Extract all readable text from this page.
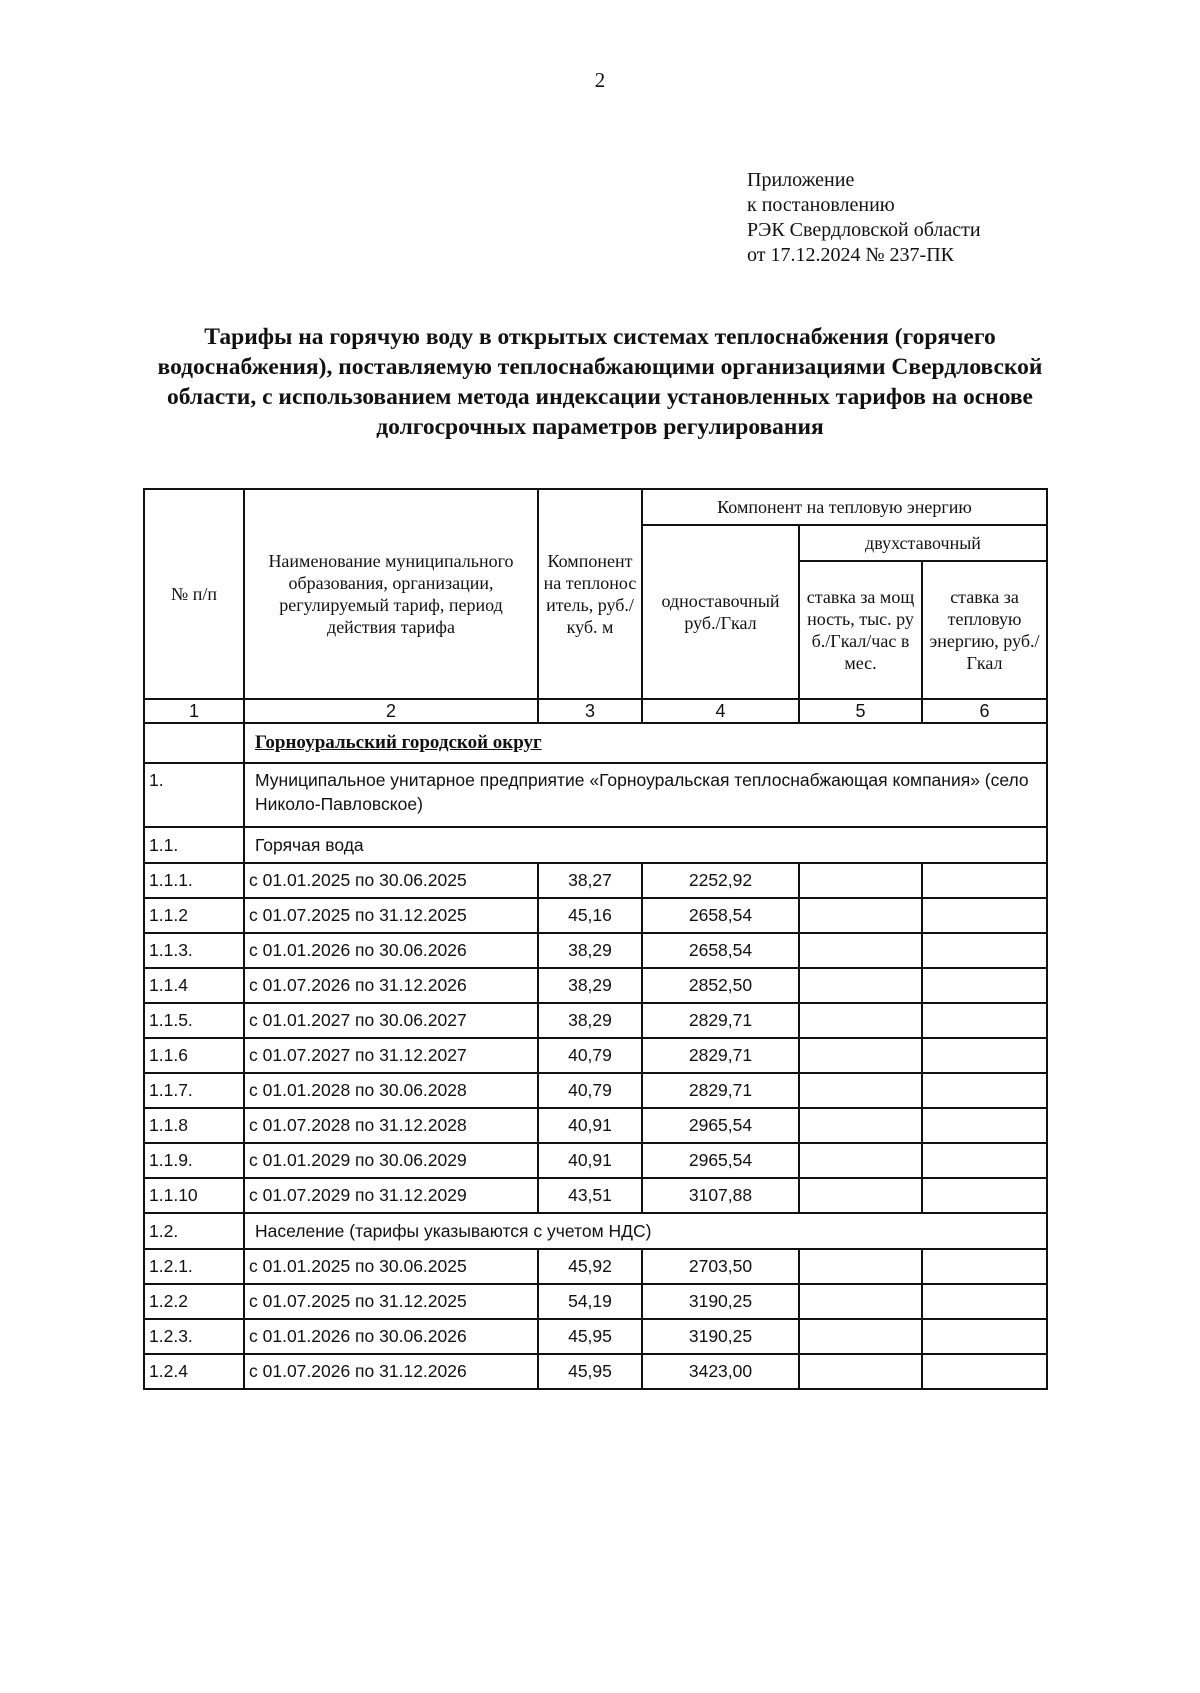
2
Приложение
к постановлению
РЭК Свердловской области
от 17.12.2024 № 237-ПК
Тарифы на горячую воду в открытых системах теплоснабжения (горячего водоснабжения), поставляемую теплоснабжающими организациями Свердловской области, с использованием метода индексации установленных тарифов на основе долгосрочных параметров регулирования
№ п/п	Наименование муниципального образования, организации, регулируемый тариф, период действия тарифа	Компонент на теплоноситель, руб./куб. м	Компонент на тепловую энергию		
			одноставочный руб./Гкал	двухставочный	
				ставка за мощность, тыс. руб./Гкал/час в мес.	ставка за тепловую энергию, руб./Гкал
1	2	3	4	5	6
	Горноуральский городской округ				
1.	Муниципальное унитарное предприятие «Горноуральская теплоснабжающая компания» (село Николо-Павловское)				
1.1.	Горячая вода				
1.1.1.	с 01.01.2025 по 30.06.2025	38,27	2252,92		
1.1.2	с 01.07.2025 по 31.12.2025	45,16	2658,54		
1.1.3.	с 01.01.2026 по 30.06.2026	38,29	2658,54		
1.1.4	с 01.07.2026 по 31.12.2026	38,29	2852,50		
1.1.5.	с 01.01.2027 по 30.06.2027	38,29	2829,71		
1.1.6	с 01.07.2027 по 31.12.2027	40,79	2829,71		
1.1.7.	с 01.01.2028 по 30.06.2028	40,79	2829,71		
1.1.8	с 01.07.2028 по 31.12.2028	40,91	2965,54		
1.1.9.	с 01.01.2029 по 30.06.2029	40,91	2965,54		
1.1.10	с 01.07.2029 по 31.12.2029	43,51	3107,88		
1.2.	Население (тарифы указываются с учетом НДС)				
1.2.1.	с 01.01.2025 по 30.06.2025	45,92	2703,50		
1.2.2	с 01.07.2025 по 31.12.2025	54,19	3190,25		
1.2.3.	с 01.01.2026 по 30.06.2026	45,95	3190,25		
1.2.4	с 01.07.2026 по 31.12.2026	45,95	3423,00		
